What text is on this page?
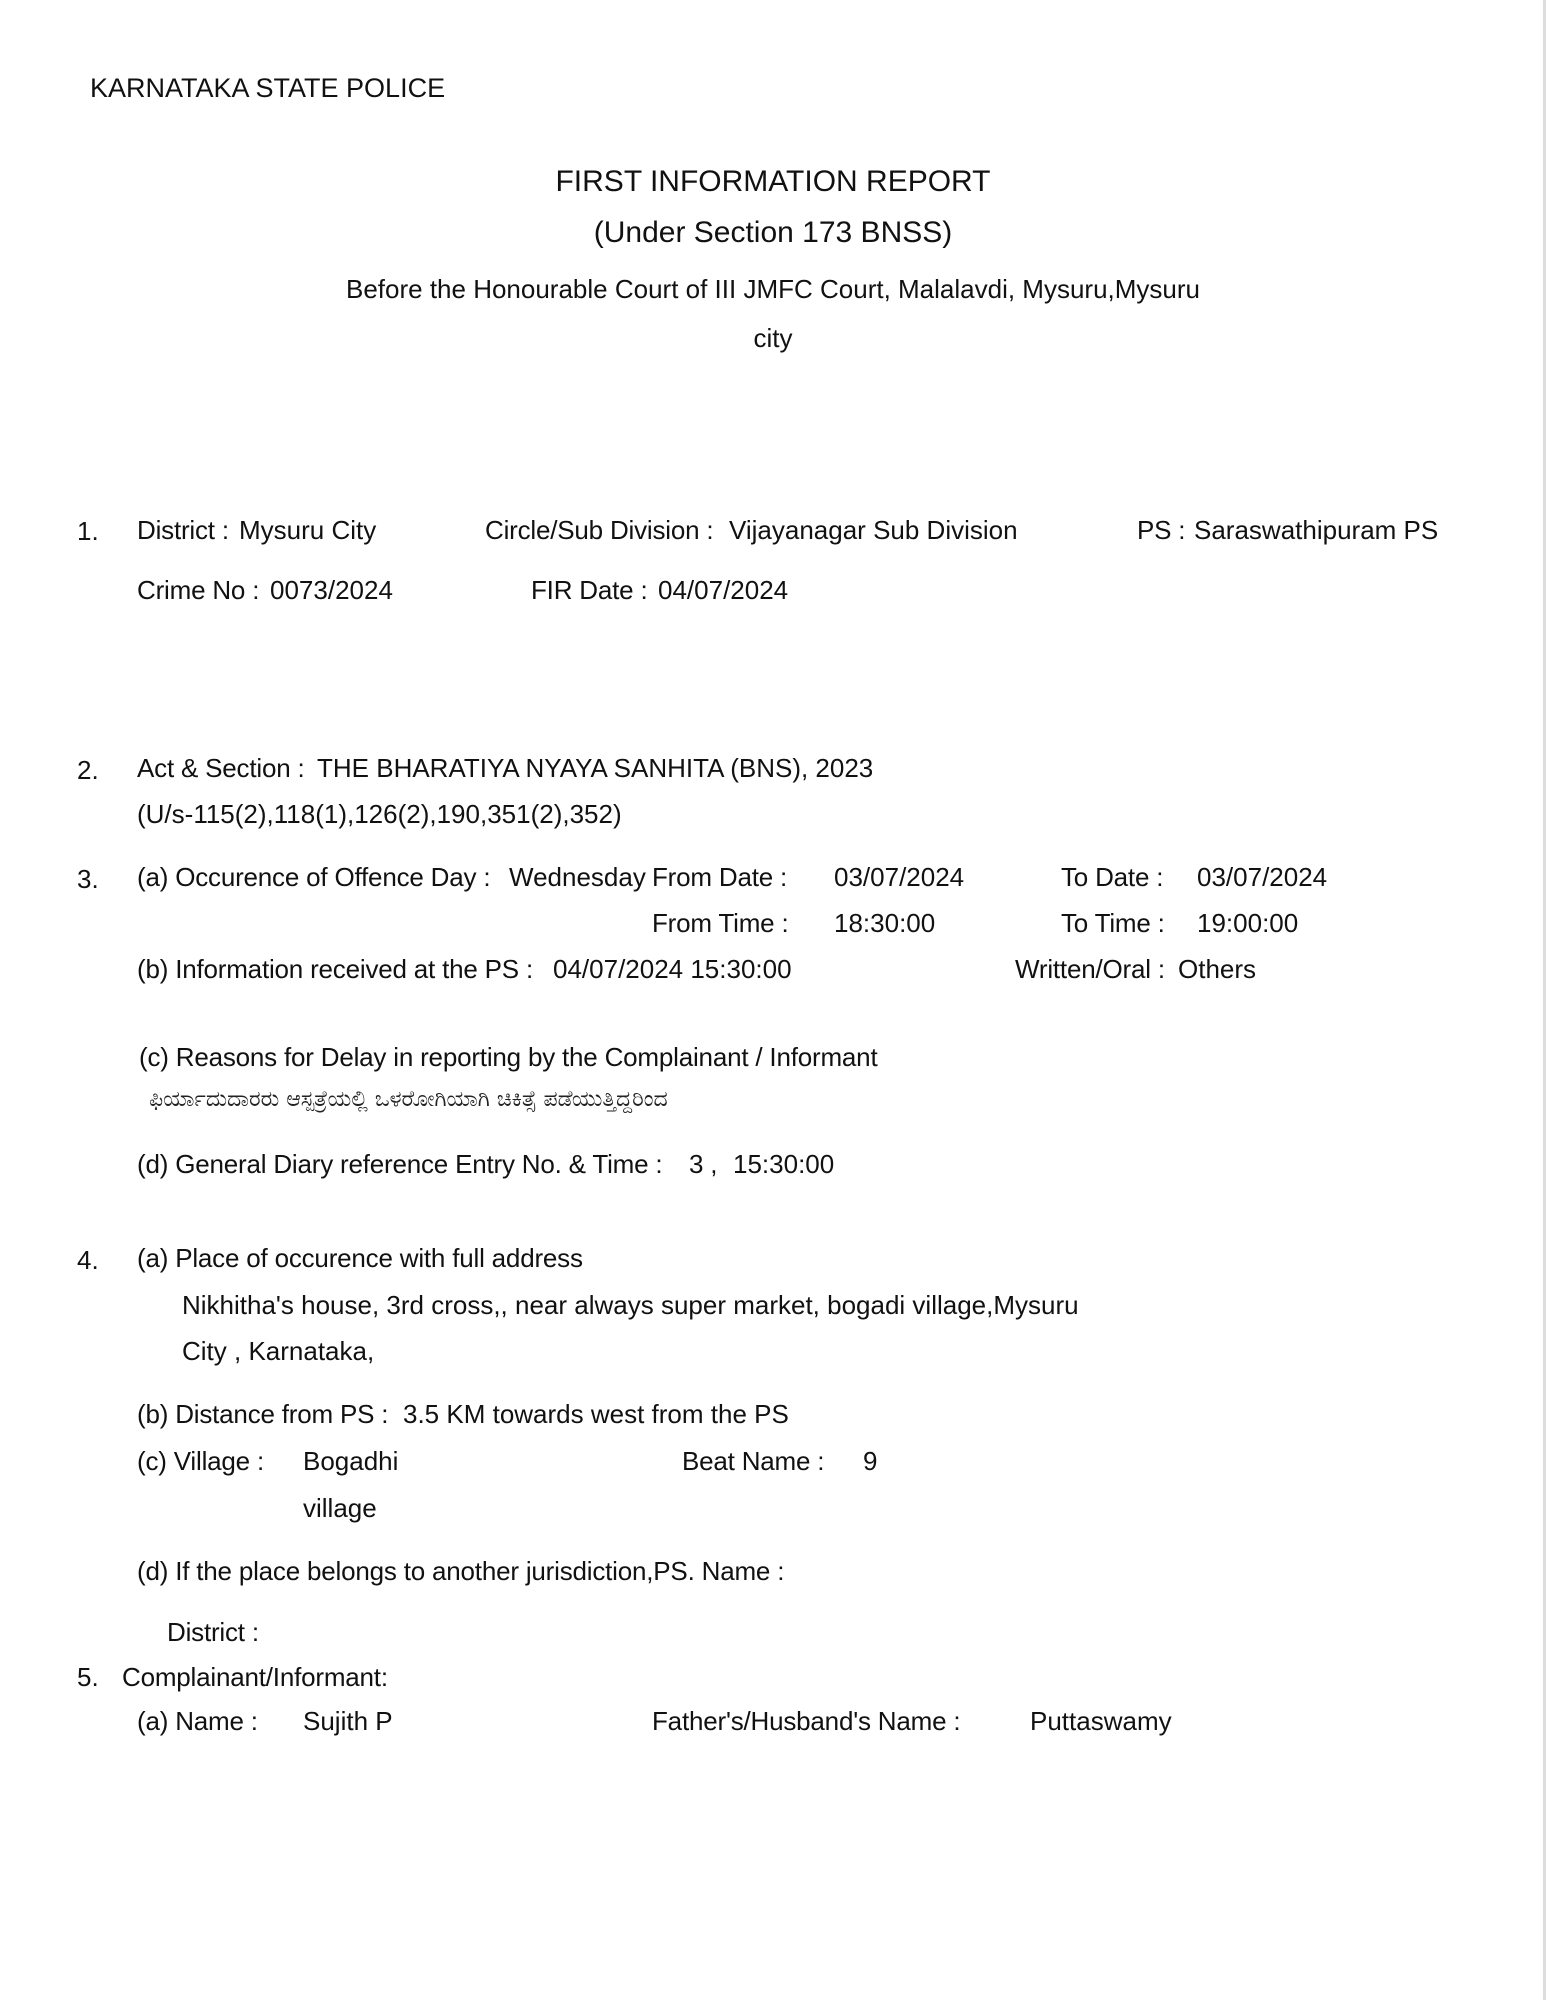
KARNATAKA STATE POLICE
FIRST INFORMATION REPORT
(Under Section 173 BNSS)
Before the Honourable Court of III JMFC Court, Malalavdi, Mysuru,Mysuru
city
1. District : Mysuru City	Circle/Sub Division : Vijayanagar Sub Division	PS : Saraswathipuram PS
Crime No : 0073/2024	FIR Date : 04/07/2024
2. Act & Section : THE BHARATIYA NYAYA SANHITA (BNS), 2023
(U/s-115(2),118(1),126(2),190,351(2),352)
3. (a) Occurence of Offence Day : Wednesday From Date : 03/07/2024	To Date : 03/07/2024
From Time : 18:30:00	To Time : 19:00:00
(b) Information received at the PS : 04/07/2024 15:30:00	Written/Oral : Others
(c) Reasons for Delay in reporting by the Complainant / Informant
ಫಿರ್ಯಾದುದಾರರು ಆಸ್ಪತ್ರೆಯಲ್ಲಿ ಒಳರೋಗಿಯಾಗಿ ಚಿಕಿತ್ಸೆ ಪಡೆಯುತ್ತಿದ್ದರಿಂದ
(d) General Diary reference Entry No. & Time : 3 , 15:30:00
4. (a) Place of occurence with full address
Nikhitha's house, 3rd cross,, near always super market, bogadi village,Mysuru
City , Karnataka,
(b) Distance from PS : 3.5 KM towards west from the PS
(c) Village : Bogadhi
village
Beat Name : 9
(d) If the place belongs to another jurisdiction,PS. Name :
District :
5. Complainant/Informant:
(a) Name : Sujith P	Father's/Husband's Name :	Puttaswamy
